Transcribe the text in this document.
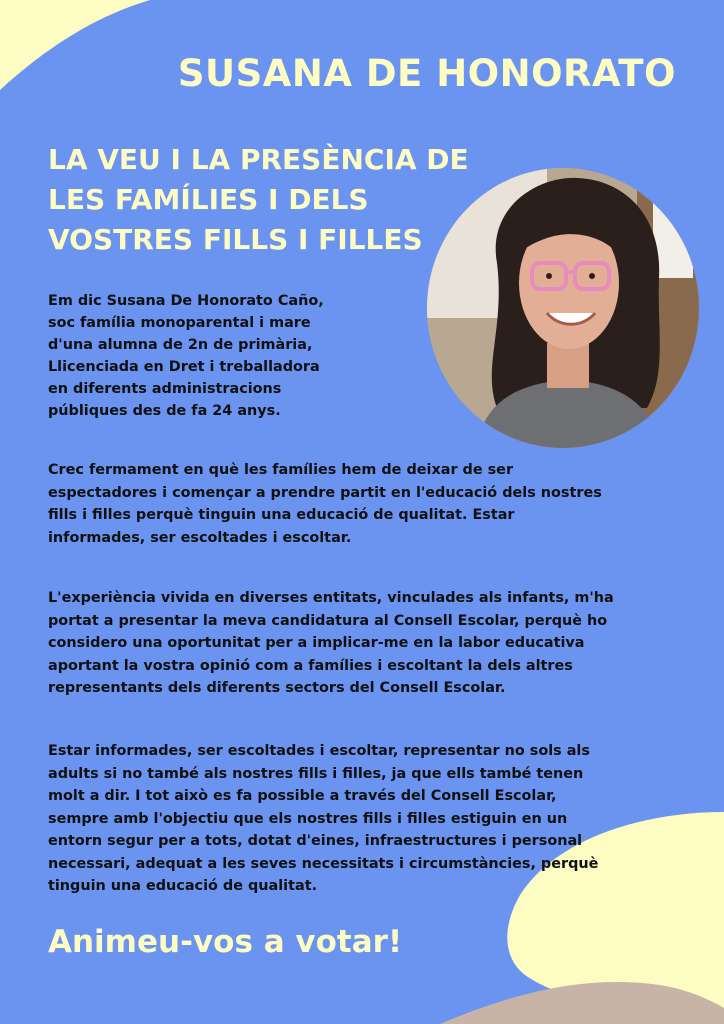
SUSANA DE HONORATO
LA VEU I LA PRESÈNCIA DE
LES FAMÍLIES I DELS
VOSTRES FILLS I FILLES

Em dic Susana De Honorato Caño,
soc família monoparental i mare
d'una alumna de 2n de primària,
Llicenciada en Dret i treballadora
en diferents administracions
públiques des de fa 24 anys.

Crec fermament en què les famílies hem de deixar de ser
espectadores i començar a prendre partit en l'educació dels nostres
fills i filles perquè tinguin una educació de qualitat. Estar
informades, ser escoltades i escoltar.

L'experiència vivida en diverses entitats, vinculades als infants, m'ha
portat a presentar la meva candidatura al Consell Escolar, perquè ho
considero una oportunitat per a implicar-me en la labor educativa
aportant la vostra opinió com a famílies i escoltant la dels altres
representants dels diferents sectors del Consell Escolar.

Estar informades, ser escoltades i escoltar, representar no sols als
adults si no també als nostres fills i filles, ja que ells també tenen
molt a dir. I tot això es fa possible a través del Consell Escolar,
sempre amb l'objectiu que els nostres fills i filles estiguin en un
entorn segur per a tots, dotat d'eines, infraestructures i personal
necessari, adequat a les seves necessitats i circumstàncies, perquè
tinguin una educació de qualitat.

Animeu-vos a votar!
